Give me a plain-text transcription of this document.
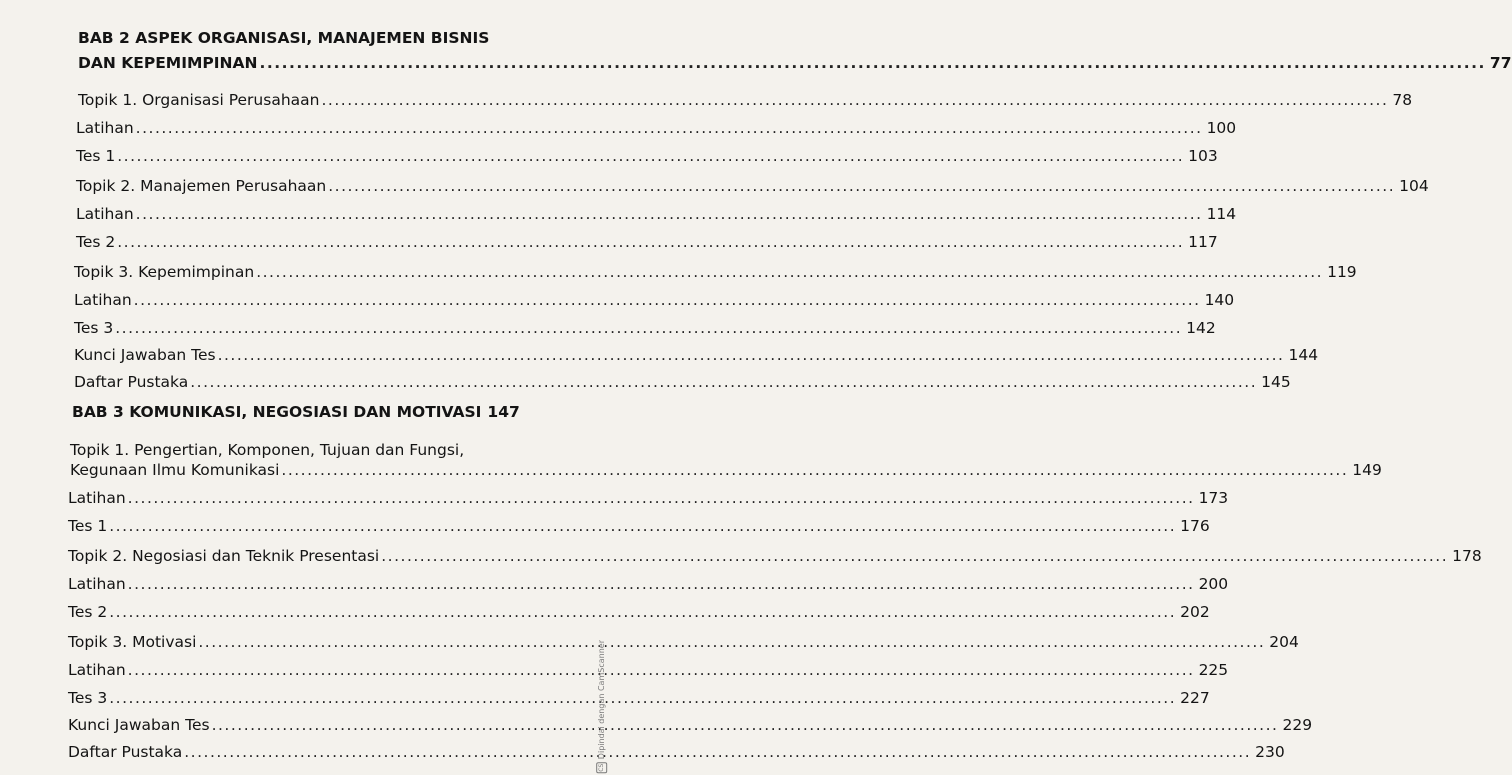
BAB 2 ASPEK ORGANISASI, MANAJEMEN BISNIS
DAN KEPEMIMPINAN .....	77
Topik 1. Organisasi Perusahaan .....	78
Latihan .....	100
Tes 1 .....	103
Topik 2. Manajemen Perusahaan .....	104
Latihan .....	114
Tes 2 .....	117
Topik 3. Kepemimpinan .....	119
Latihan .....	140
Tes 3 .....	142
Kunci Jawaban Tes .....	144
Daftar Pustaka .....	145
BAB 3 KOMUNIKASI, NEGOSIASI DAN MOTIVASI 147
Topik 1. Pengertian, Komponen, Tujuan dan Fungsi,
Kegunaan Ilmu Komunikasi .....	149
Latihan .....	173
Tes 1 .....	176
Topik 2. Negosiasi dan Teknik Presentasi .....	178
Latihan .....	200
Tes 2 .....	202
Topik 3. Motivasi .....	204
Latihan .....	225
Tes 3 .....	227
Kunci Jawaban Tes .....	229
Daftar Pustaka .....	230
CSDipindai dengan CamScanner
